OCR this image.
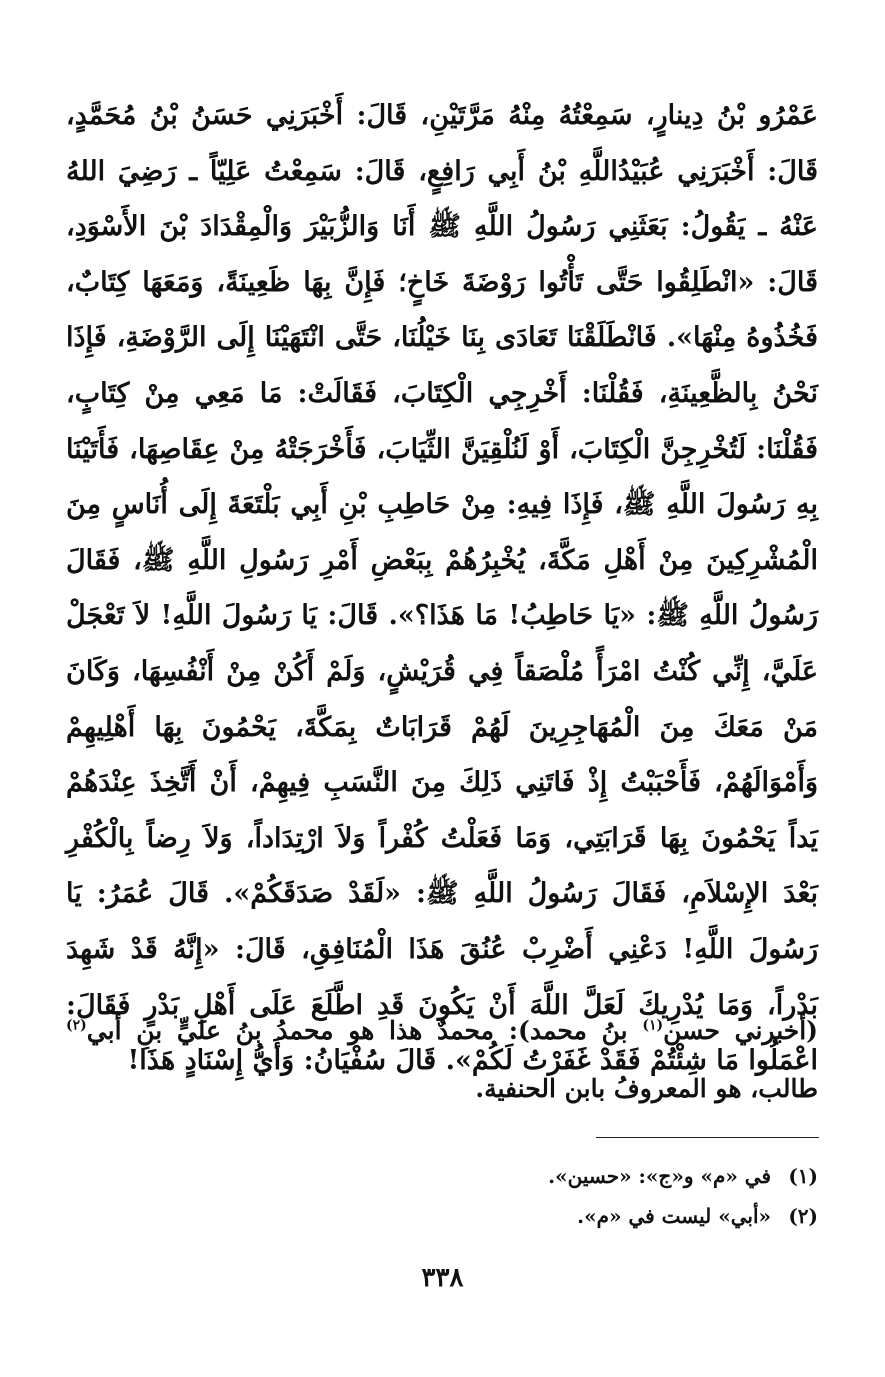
عَمْرُو بْنُ دِينارٍ، سَمِعْتُهُ مِنْهُ مَرَّتَيْنِ، قَالَ: أَخْبَرَنِي حَسَنُ بْنُ مُحَمَّدٍ، قَالَ: أَخْبَرَنِي عُبَيْدُاللَّهِ بْنُ أَبِي رَافِعٍ، قَالَ: سَمِعْتُ عَلِيّاً ـ رَضِيَ اللهُ عَنْهُ ـ يَقُولُ: بَعَثَنِي رَسُولُ اللَّهِ ﷺ أَنَا وَالزُّبَيْرَ وَالْمِقْدَادَ بْنَ الأَسْوَدِ، قَالَ: «انْطَلِقُوا حَتَّى تَأْتُوا رَوْضَةَ خَاخٍ؛ فَإِنَّ بِهَا ظَعِينَةً، وَمَعَهَا كِتَابٌ، فَخُذُوهُ مِنْهَا». فَانْطَلَقْنَا تَعَادَى بِنَا خَيْلُنَا، حَتَّى انْتَهَيْنَا إِلَى الرَّوْضَةِ، فَإِذَا نَحْنُ بِالظَّعِينَةِ، فَقُلْنَا: أَخْرِجِي الْكِتَابَ، فَقَالَتْ: مَا مَعِي مِنْ كِتَابٍ، فَقُلْنَا: لَتُخْرِجِنَّ الْكِتَابَ، أَوْ لَنُلْقِيَنَّ الثِّيَابَ، فَأَخْرَجَتْهُ مِنْ عِقَاصِهَا، فَأَتَيْنَا بِهِ رَسُولَ اللَّهِ ﷺ، فَإِذَا فِيهِ: مِنْ حَاطِبِ بْنِ أَبِي بَلْتَعَةَ إِلَى أُنَاسٍ مِنَ الْمُشْرِكِينَ مِنْ أَهْلِ مَكَّةَ، يُخْبِرُهُمْ بِبَعْضِ أَمْرِ رَسُولِ اللَّهِ ﷺ، فَقَالَ رَسُولُ اللَّهِ ﷺ: «يَا حَاطِبُ! مَا هَذَا؟». قَالَ: يَا رَسُولَ اللَّهِ! لاَ تَعْجَلْ عَلَيَّ، إِنِّي كُنْتُ امْرَأً مُلْصَقاً فِي قُرَيْشٍ، وَلَمْ أَكُنْ مِنْ أَنْفُسِهَا، وَكَانَ مَنْ مَعَكَ مِنَ الْمُهَاجِرِينَ لَهُمْ قَرَابَاتٌ بِمَكَّةَ، يَحْمُونَ بِهَا أَهْلِيهِمْ وَأَمْوَالَهُمْ، فَأَحْبَبْتُ إِذْ فَاتَنِي ذَلِكَ مِنَ النَّسَبِ فِيهِمْ، أَنْ أَتَّخِذَ عِنْدَهُمْ يَداً يَحْمُونَ بِهَا قَرَابَتِي، وَمَا فَعَلْتُ كُفْراً وَلاَ ارْتِدَاداً، وَلاَ رِضاً بِالْكُفْرِ بَعْدَ الإِسْلاَمِ، فَقَالَ رَسُولُ اللَّهِ ﷺ: «لَقَدْ صَدَقَكُمْ». قَالَ عُمَرُ: يَا رَسُولَ اللَّهِ! دَعْنِي أَضْرِبْ عُنُقَ هَذَا الْمُنَافِقِ، قَالَ: «إِنَّهُ قَدْ شَهِدَ بَدْراً، وَمَا يُدْرِيكَ لَعَلَّ اللَّهَ أَنْ يَكُونَ قَدِ اطَّلَعَ عَلَى أَهْلِ بَدْرٍ فَقَالَ: اعْمَلُوا مَا شِئْتُمْ فَقَدْ غَفَرْتُ لَكُمْ». قَالَ سُفْيَانُ: وَأَيُّ إِسْنَادٍ هَذَا!

(أخبرني حسن$^{(١)}$ بنُ محمد): محمدٌ هذا هو محمدُ بنُ عليٍّ بنِ أبي$^{(٢)}$ طالب، هو المعروفُ بابن الحنفية.

(١) في «م» و«ج»: «حسين».
(٢) «أبي» ليست في «م».
٣٣٨
